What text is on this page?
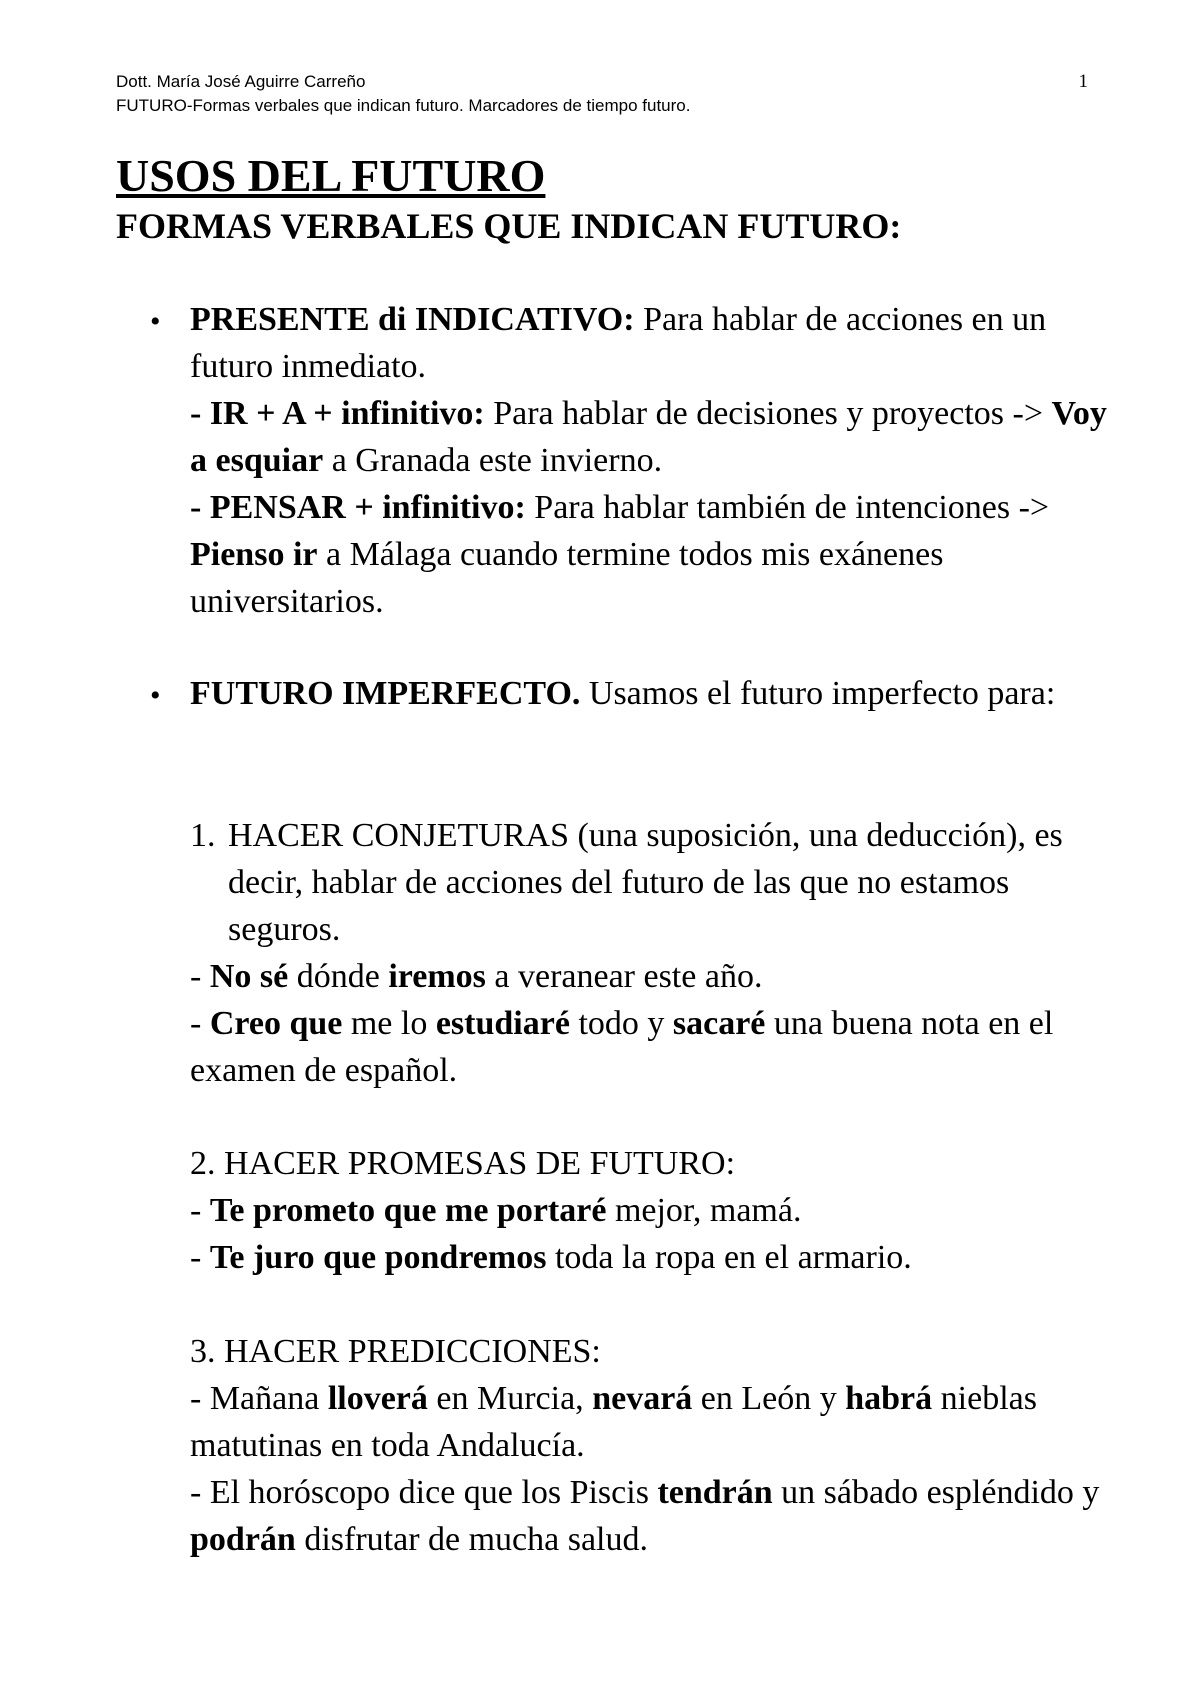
Dott. María José Aguirre Carreño
FUTURO-Formas verbales que indican futuro. Marcadores de tiempo futuro.
1
USOS DEL FUTURO
FORMAS VERBALES QUE INDICAN FUTURO:
• PRESENTE di INDICATIVO: Para hablar de acciones en un futuro inmediato.
- IR + A + infinitivo: Para hablar de decisiones y proyectos -> Voy a esquiar a Granada este invierno.
- PENSAR + infinitivo: Para hablar también de intenciones -> Pienso ir a Málaga cuando termine todos mis exánenes universitarios.
• FUTURO IMPERFECTO. Usamos el futuro imperfecto para:
1. HACER CONJETURAS (una suposición, una deducción), es decir, hablar de acciones del futuro de las que no estamos seguros.
- No sé dónde iremos a veranear este año.
- Creo que me lo estudiaré todo y sacaré una buena nota en el examen de español.
2. HACER PROMESAS DE FUTURO:
- Te prometo que me portaré mejor, mamá.
- Te juro que pondremos toda la ropa en el armario.
3. HACER PREDICCIONES:
- Mañana lloverá en Murcia, nevará en León y habrá nieblas matutinas en toda Andalucía.
- El horóscopo dice que los Piscis tendrán un sábado espléndido y podrán disfrutar de mucha salud.
